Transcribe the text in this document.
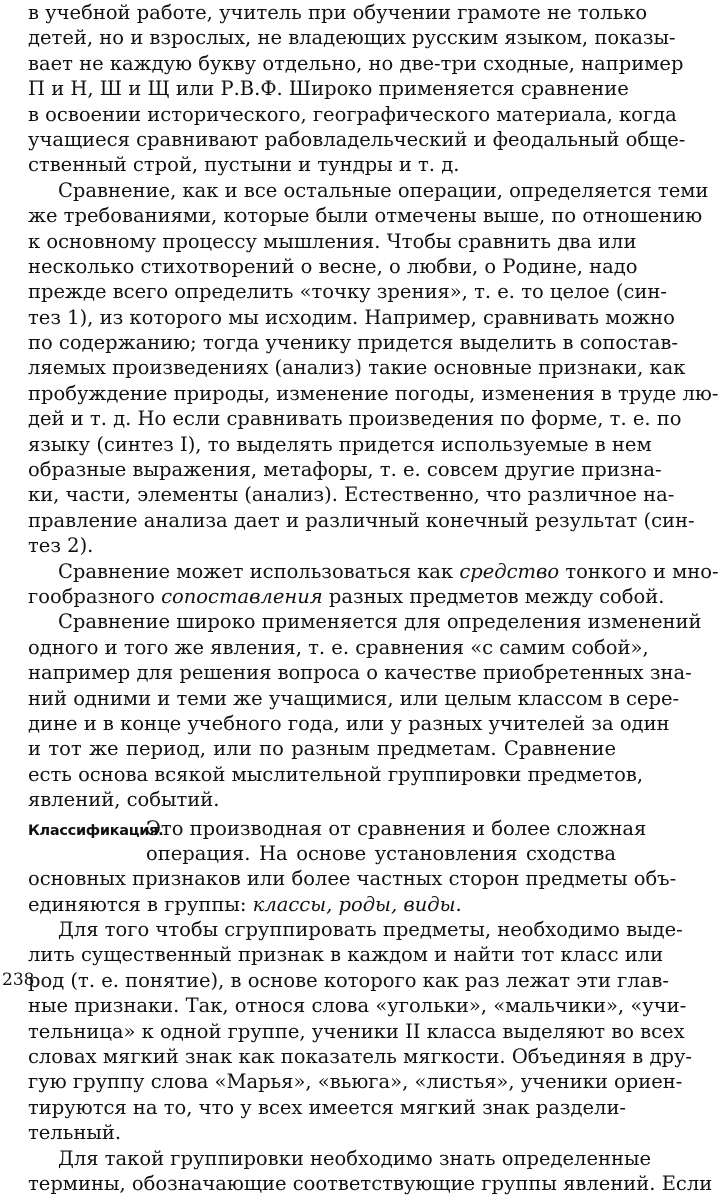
в учебной работе, учитель при обучении грамоте не только
детей, но и взрослых, не владеющих русским языком, показы-
вает не каждую букву отдельно, но две-три сходные, например
П и Н, Ш и Щ или Р.В.Ф. Широко применяется сравнение
в освоении исторического, географического материала, когда
учащиеся сравнивают рабовладельческий и феодальный обще-
ственный строй, пустыни и тундры и т. д.
Сравнение, как и все остальные операции, определяется теми
же требованиями, которые были отмечены выше, по отношению
к основному процессу мышления. Чтобы сравнить два или
несколько стихотворений о весне, о любви, о Родине, надо
прежде всего определить «точку зрения», т. е. то целое (син-
тез 1), из которого мы исходим. Например, сравнивать можно
по содержанию; тогда ученику придется выделить в сопостав-
ляемых произведениях (анализ) такие основные признаки, как
пробуждение природы, изменение погоды, изменения в труде лю-
дей и т. д. Но если сравнивать произведения по форме, т. е. по
языку (синтез I), то выделять придется используемые в нем
образные выражения, метафоры, т. е. совсем другие призна-
ки, части, элементы (анализ). Естественно, что различное на-
правление анализа дает и различный конечный результат (син-
тез 2).
Сравнение может использоваться как средство тонкого и мно-
гообразного сопоставления разных предметов между собой.
Сравнение широко применяется для определения изменений
одного и того же явления, т. е. сравнения «с самим собой»,
например для решения вопроса о качестве приобретенных зна-
ний одними и теми же учащимися, или целым классом в сере-
дине и в конце учебного года, или у разных учителей за один
и тот же период, или по разным предметам. Сравнение
есть основа всякой мыслительной группировки предметов,
явлений, событий.
Классификация.
Это производная от сравнения и более сложная
операция. На основе установления сходства
основных признаков или более частных сторон предметы объ-
единяются в группы: классы, роды, виды.
Для того чтобы сгруппировать предметы, необходимо выде-
лить существенный признак в каждом и найти тот класс или
род (т. е. понятие), в основе которого как раз лежат эти глав-
ные признаки. Так, относя слова «угольки», «мальчики», «учи-
тельница» к одной группе, ученики II класса выделяют во всех
словах мягкий знак как показатель мягкости. Объединяя в дру-
гую группу слова «Марья», «вьюга», «листья», ученики ориен-
тируются на то, что у всех имеется мягкий знак раздели-
тельный.
Для такой группировки необходимо знать определенные
термины, обозначающие соответствующие группы явлений. Если
238
